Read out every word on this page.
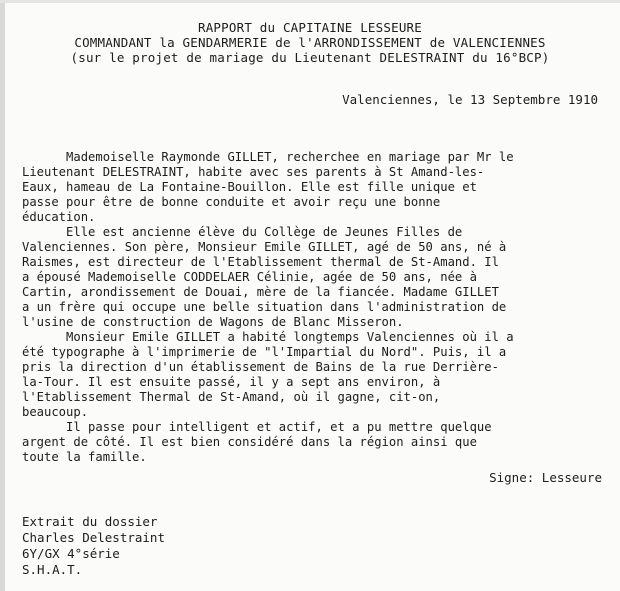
RAPPORT du CAPITAINE LESSEURE
COMMANDANT la GENDARMERIE de l'ARRONDISSEMENT de VALENCIENNES
(sur le projet de mariage du Lieutenant DELESTRAINT du 16°BCP)
Valenciennes, le 13 Septembre 1910
Mademoiselle Raymonde GILLET, recherchee en mariage par Mr le
Lieutenant DELESTRAINT, habite avec ses parents à St Amand-les-
Eaux, hameau de La Fontaine-Bouillon. Elle est fille unique et
passe pour être de bonne conduite et avoir reçu une bonne
éducation.
Elle est ancienne élève du Collège de Jeunes Filles de
Valenciennes. Son père, Monsieur Emile GILLET, agé de 50 ans, né à
Raismes, est directeur de l'Etablissement thermal de St-Amand. Il
a épousé Mademoiselle CODDELAER Célinie, agée de 50 ans, née à
Cartin, arondissement de Douai, mère de la fiancée. Madame GILLET
a un frère qui occupe une belle situation dans l'administration de
l'usine de construction de Wagons de Blanc Misseron.
Monsieur Emile GILLET a habité longtemps Valenciennes où il a
été typographe à l'imprimerie de "l'Impartial du Nord". Puis, il a
pris la direction d'un établissement de Bains de la rue Derrière-
la-Tour. Il est ensuite passé, il y a sept ans environ, à
l'Etablissement Thermal de St-Amand, où il gagne, cit-on,
beaucoup.
Il passe pour intelligent et actif, et a pu mettre quelque
argent de côté. Il est bien considéré dans la région ainsi que
toute la famille.
Signe: Lesseure
Extrait du dossier
Charles Delestraint
6Y/GX 4°série
S.H.A.T.
